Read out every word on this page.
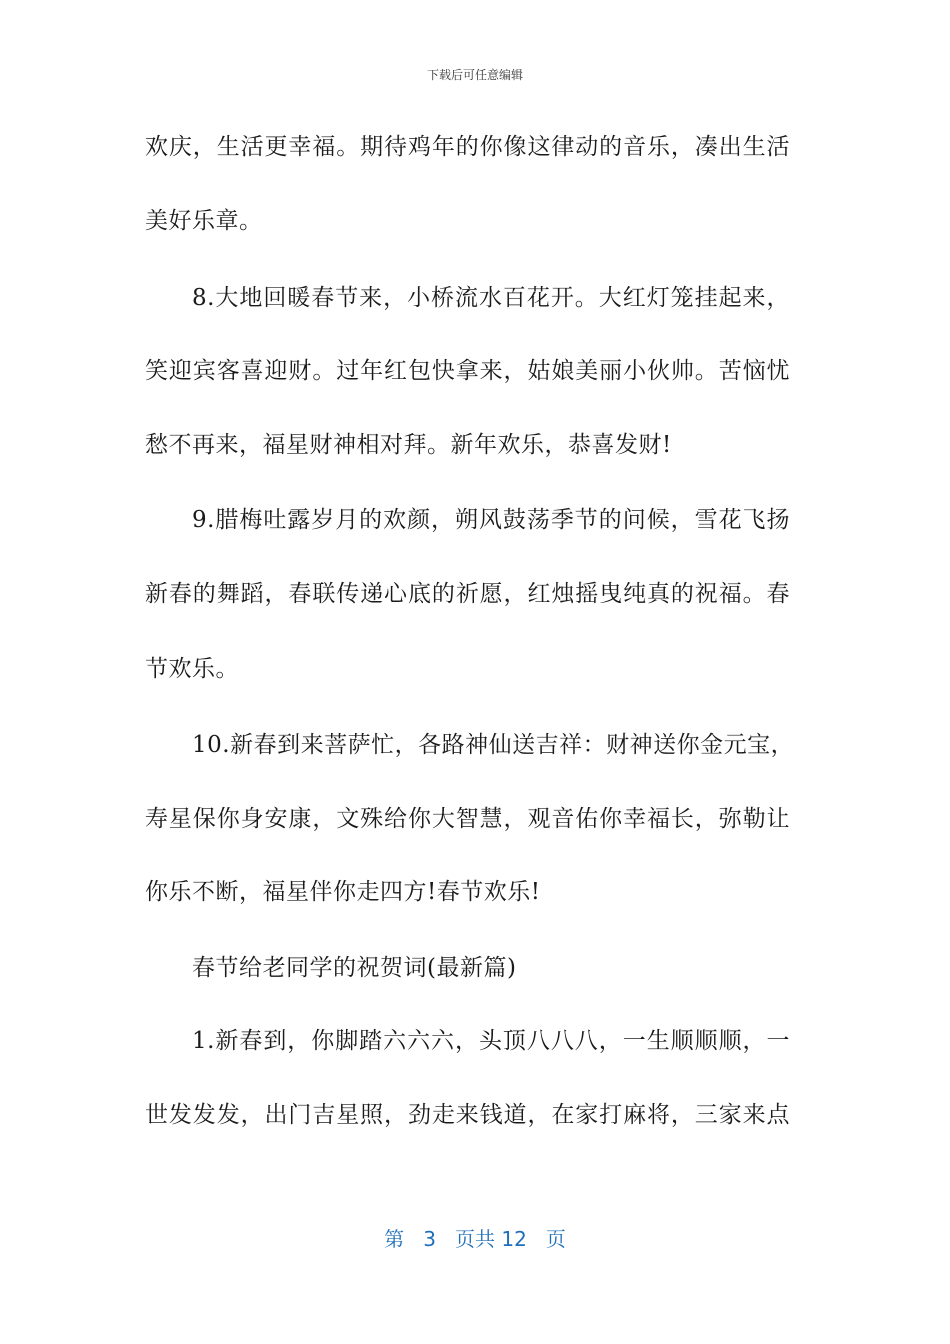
下载后可任意编辑
欢庆，生活更幸福。期待鸡年的你像这律动的音乐，凑出生活
美好乐章。
8.大地回暖春节来，小桥流水百花开。大红灯笼挂起来，
笑迎宾客喜迎财。过年红包快拿来，姑娘美丽小伙帅。苦恼忧
愁不再来，福星财神相对拜。新年欢乐，恭喜发财!
9.腊梅吐露岁月的欢颜，朔风鼓荡季节的问候，雪花飞扬
新春的舞蹈，春联传递心底的祈愿，红烛摇曳纯真的祝福。春
节欢乐。
10.新春到来菩萨忙，各路神仙送吉祥：财神送你金元宝，
寿星保你身安康，文殊给你大智慧，观音佑你幸福长，弥勒让
你乐不断，福星伴你走四方!春节欢乐!
春节给老同学的祝贺词(最新篇)
1.新春到，你脚踏六六六，头顶八八八，一生顺顺顺，一
世发发发，出门吉星照，劲走来钱道，在家打麻将，三家来点
第 3 页共 12 页
